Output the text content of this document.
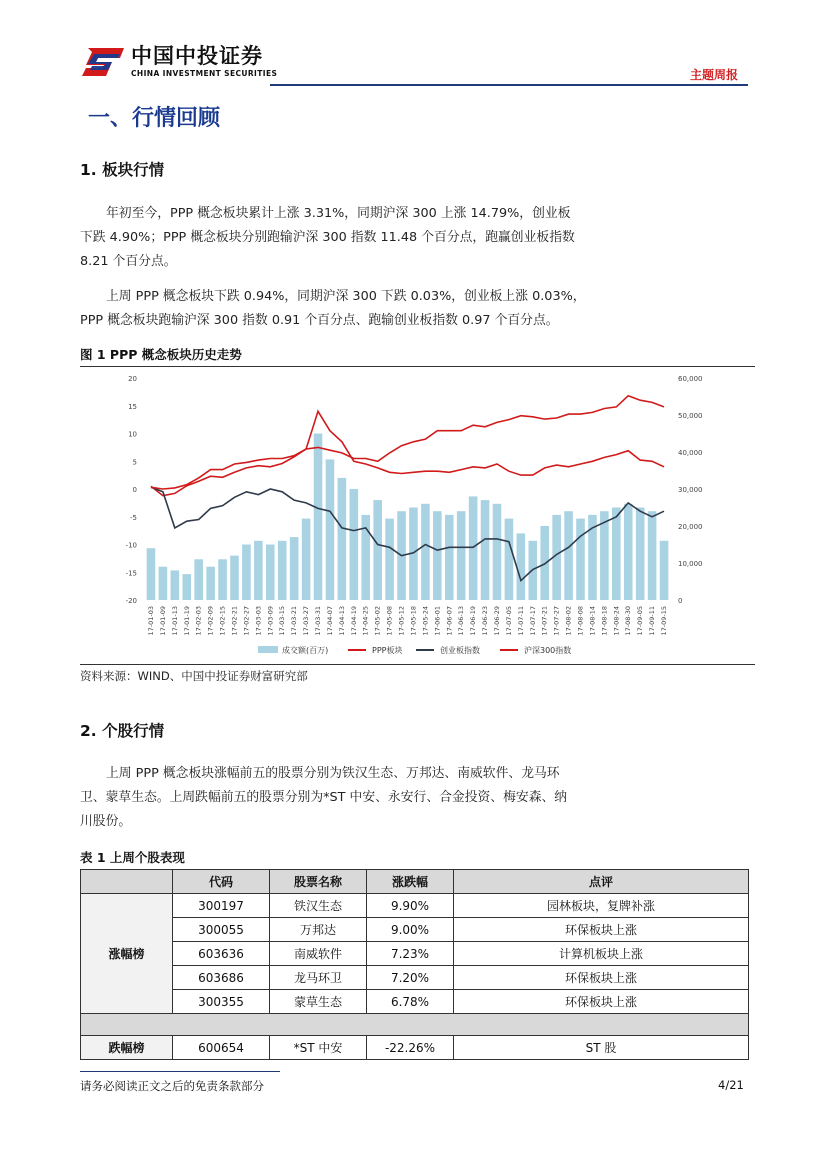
中国中投证券
CHINA INVESTMENT SECURITIES	主题周报
一、行情回顾
1. 板块行情
年初至今，PPP 概念板块累计上涨 3.31%，同期沪深 300 上涨 14.79%，创业板
下跌 4.90%；PPP 概念板块分别跑输沪深 300 指数 11.48 个百分点，跑赢创业板指数
8.21 个百分点。
上周 PPP 概念板块下跌 0.94%，同期沪深 300 下跌 0.03%，创业板上涨 0.03%，
PPP 概念板块跑输沪深 300 指数 0.91 个百分点、跑输创业板指数 0.97 个百分点。
图 1 PPP 概念板块历史走势
20
15
10
5
0
-5
-10
-15
-20
60,000
50,000
40,000
30,000
20,000
10,000
0
17-01-03 17-01-09 17-01-13 17-01-19 17-02-03 17-02-09 17-02-15 17-02-21 17-02-27 17-03-03 17-03-09 17-03-15 17-03-21 17-03-27 17-03-31 17-04-07 17-04-13 17-04-19 17-04-25 17-05-02 17-05-08 17-05-12 17-05-18 17-05-24 17-06-01 17-06-07 17-06-13 17-06-19 17-06-23 17-06-29 17-07-05 17-07-11 17-07-17 17-07-21 17-07-27 17-08-02 17-08-08 17-08-14 17-08-18 17-08-24 17-08-30 17-09-05 17-09-11 17-09-15
成交额(百万)	PPP板块	创业板指数	沪深300指数
资料来源：WIND、中国中投证券财富研究部
2. 个股行情
上周 PPP 概念板块涨幅前五的股票分别为铁汉生态、万邦达、南威软件、龙马环
卫、蒙草生态。上周跌幅前五的股票分别为*ST 中安、永安行、合金投资、梅安森、纳
川股份。
表 1 上周个股表现
	代码	股票名称	涨跌幅	点评
涨幅榜	300197	铁汉生态	9.90%	园林板块，复牌补涨
	300055	万邦达	9.00%	环保板块上涨
	603636	南威软件	7.23%	计算机板块上涨
	603686	龙马环卫	7.20%	环保板块上涨
	300355	蒙草生态	6.78%	环保板块上涨

跌幅榜	600654	*ST 中安	-22.26%	ST 股
请务必阅读正文之后的免责条款部分	4/21
